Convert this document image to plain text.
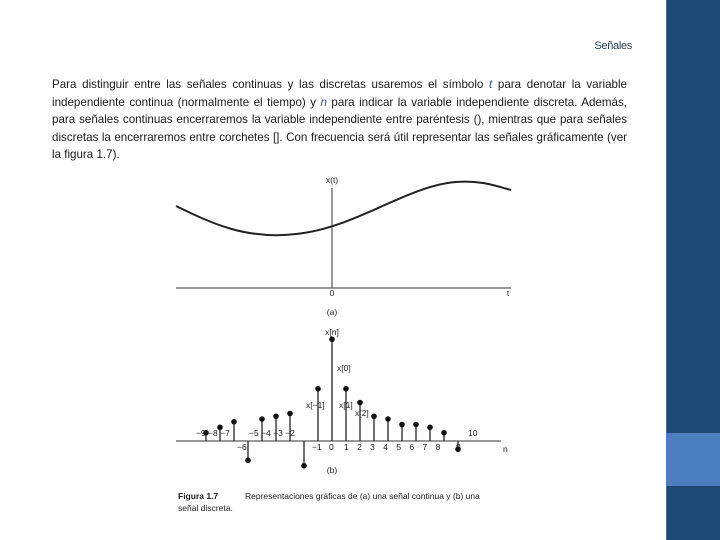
Señales

Para distinguir entre las señales continuas y las discretas usaremos el símbolo t para denotar la variable independiente continua (normalmente el tiempo) y n para indicar la variable independiente discreta. Además, para señales continuas encerraremos la variable independiente entre paréntesis (), mientras que para señales discretas la encerraremos entre corchetes []. Con frecuencia será útil representar las señales gráficamente (ver la figura 1.7).

x(t)
0	t
(a)
x[n]
x[0]
x[−1] x[1]
x[2]
−9 −8 −7 −5 −4 −3 −2
−6	−1 0 1 2 3 4 5 6 7 8 9
10
n
(b)
Figura 1.7	Representaciones gráficas de (a) una señal continua y (b) una
señal discreta.
